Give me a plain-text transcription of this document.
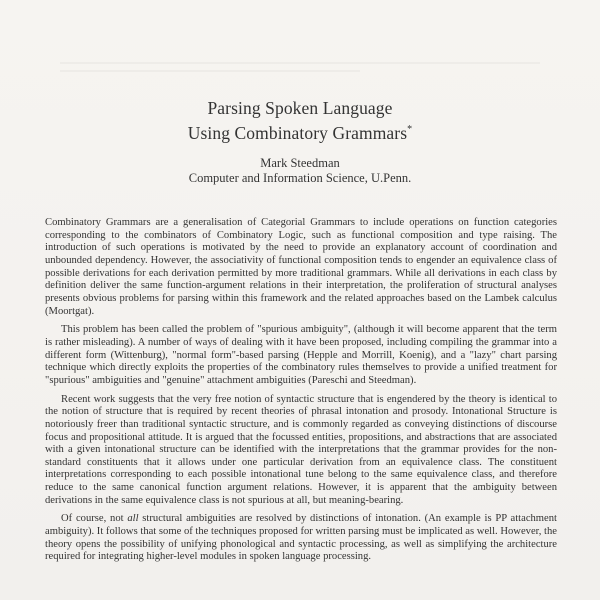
Parsing Spoken Language
Using Combinatory Grammars*
Mark Steedman
Computer and Information Science, U.Penn.

Combinatory Grammars are a generalisation of Categorial Grammars to include operations on function categories corresponding to the combinators of Combinatory Logic, such as functional composition and type raising. The introduction of such operations is motivated by the need to provide an explanatory account of coordination and unbounded dependency. However, the associativity of functional composition tends to engender an equivalence class of possible derivations for each derivation permitted by more traditional grammars. While all derivations in each class by definition deliver the same function-argument relations in their interpretation, the proliferation of structural analyses presents obvious problems for parsing within this framework and the related approaches based on the Lambek calculus (Moortgat).

This problem has been called the problem of "spurious ambiguity", (although it will become apparent that the term is rather misleading). A number of ways of dealing with it have been proposed, including compiling the grammar into a different form (Wittenburg), "normal form"-based parsing (Hepple and Morrill, Koenig), and a "lazy" chart parsing technique which directly exploits the properties of the combinatory rules themselves to provide a unified treatment for "spurious" ambiguities and "genuine" attachment ambiguities (Pareschi and Steedman).

Recent work suggests that the very free notion of syntactic structure that is engendered by the theory is identical to the notion of structure that is required by recent theories of phrasal intonation and prosody. Intonational Structure is notoriously freer than traditional syntactic structure, and is commonly regarded as conveying distinctions of discourse focus and propositional attitude. It is argued that the focussed entities, propositions, and abstractions that are associated with a given intonational structure can be identified with the interpretations that the grammar provides for the non-standard constituents that it allows under one particular derivation from an equivalence class. The constituent interpretations corresponding to each possible intonational tune belong to the same equivalence class, and therefore reduce to the same canonical function argument relations. However, it is apparent that the ambiguity between derivations in the same equivalence class is not spurious at all, but meaning-bearing.

Of course, not all structural ambiguities are resolved by distinctions of intonation. (An example is PP attachment ambiguity). It follows that some of the techniques proposed for written parsing must be implicated as well. However, the theory opens the possibility of unifying phonological and syntactic processing, as well as simplifying the architecture required for integrating higher-level modules in spoken language processing.
